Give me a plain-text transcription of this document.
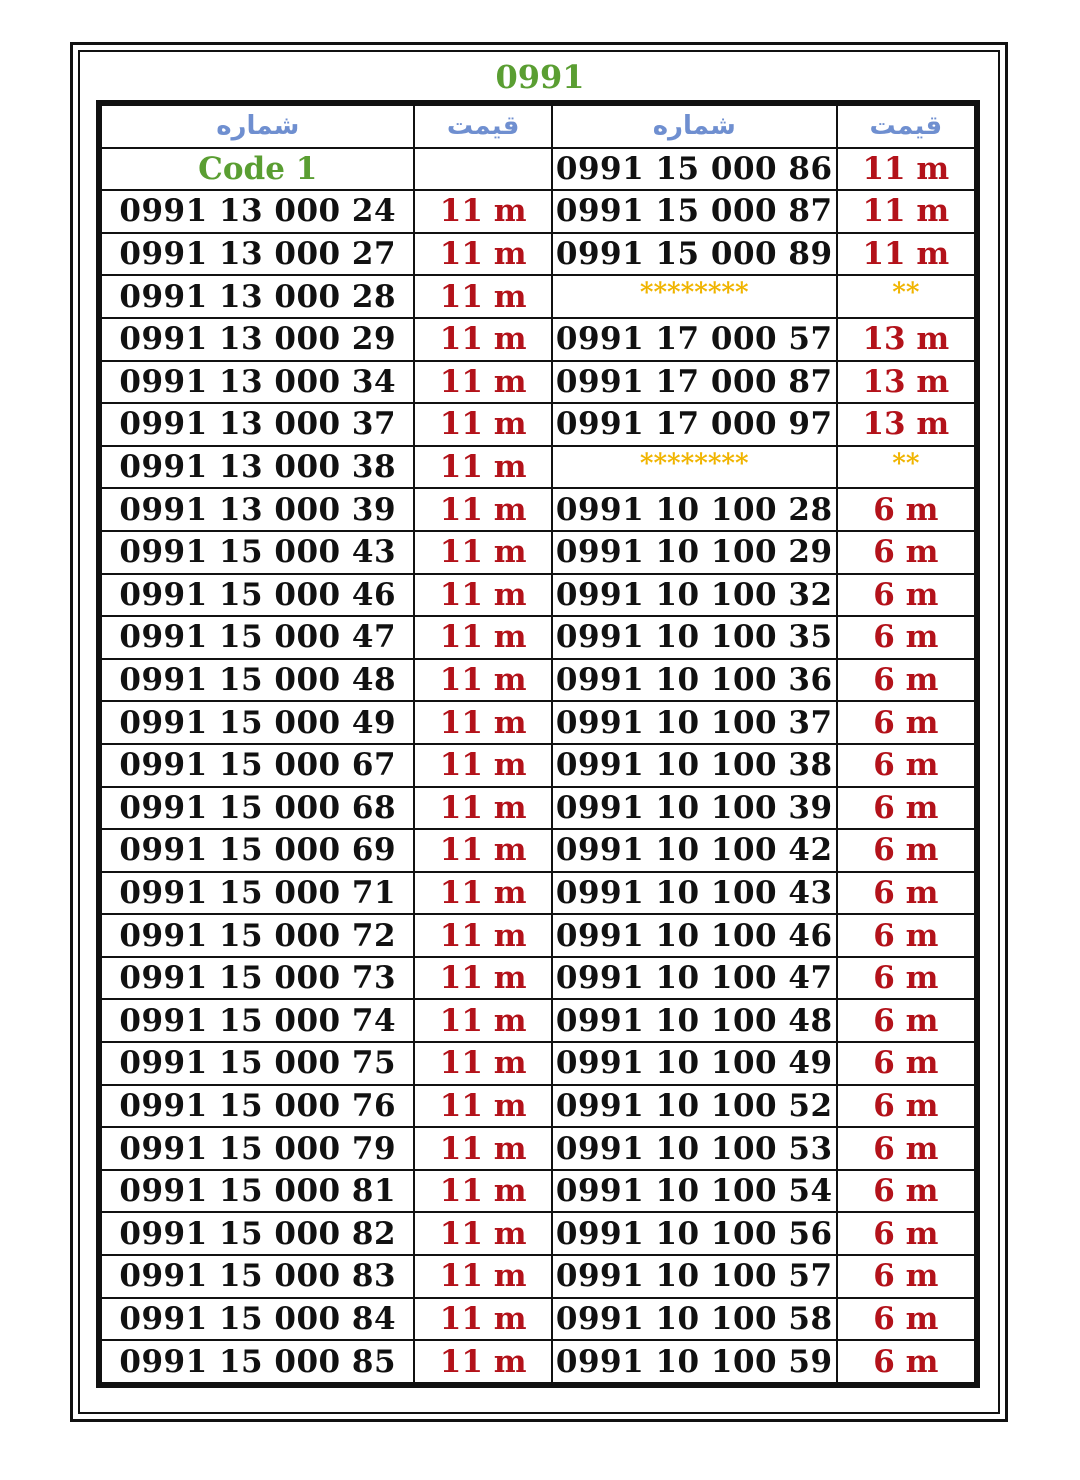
0991
شماره	قيمت	شماره	قيمت
Code 1		0991 15 000 86	11 m
0991 13 000 24	11 m	0991 15 000 87	11 m
0991 13 000 27	11 m	0991 15 000 89	11 m
0991 13 000 28	11 m	********	**
0991 13 000 29	11 m	0991 17 000 57	13 m
0991 13 000 34	11 m	0991 17 000 87	13 m
0991 13 000 37	11 m	0991 17 000 97	13 m
0991 13 000 38	11 m	********	**
0991 13 000 39	11 m	0991 10 100 28	6 m
0991 15 000 43	11 m	0991 10 100 29	6 m
0991 15 000 46	11 m	0991 10 100 32	6 m
0991 15 000 47	11 m	0991 10 100 35	6 m
0991 15 000 48	11 m	0991 10 100 36	6 m
0991 15 000 49	11 m	0991 10 100 37	6 m
0991 15 000 67	11 m	0991 10 100 38	6 m
0991 15 000 68	11 m	0991 10 100 39	6 m
0991 15 000 69	11 m	0991 10 100 42	6 m
0991 15 000 71	11 m	0991 10 100 43	6 m
0991 15 000 72	11 m	0991 10 100 46	6 m
0991 15 000 73	11 m	0991 10 100 47	6 m
0991 15 000 74	11 m	0991 10 100 48	6 m
0991 15 000 75	11 m	0991 10 100 49	6 m
0991 15 000 76	11 m	0991 10 100 52	6 m
0991 15 000 79	11 m	0991 10 100 53	6 m
0991 15 000 81	11 m	0991 10 100 54	6 m
0991 15 000 82	11 m	0991 10 100 56	6 m
0991 15 000 83	11 m	0991 10 100 57	6 m
0991 15 000 84	11 m	0991 10 100 58	6 m
0991 15 000 85	11 m	0991 10 100 59	6 m
